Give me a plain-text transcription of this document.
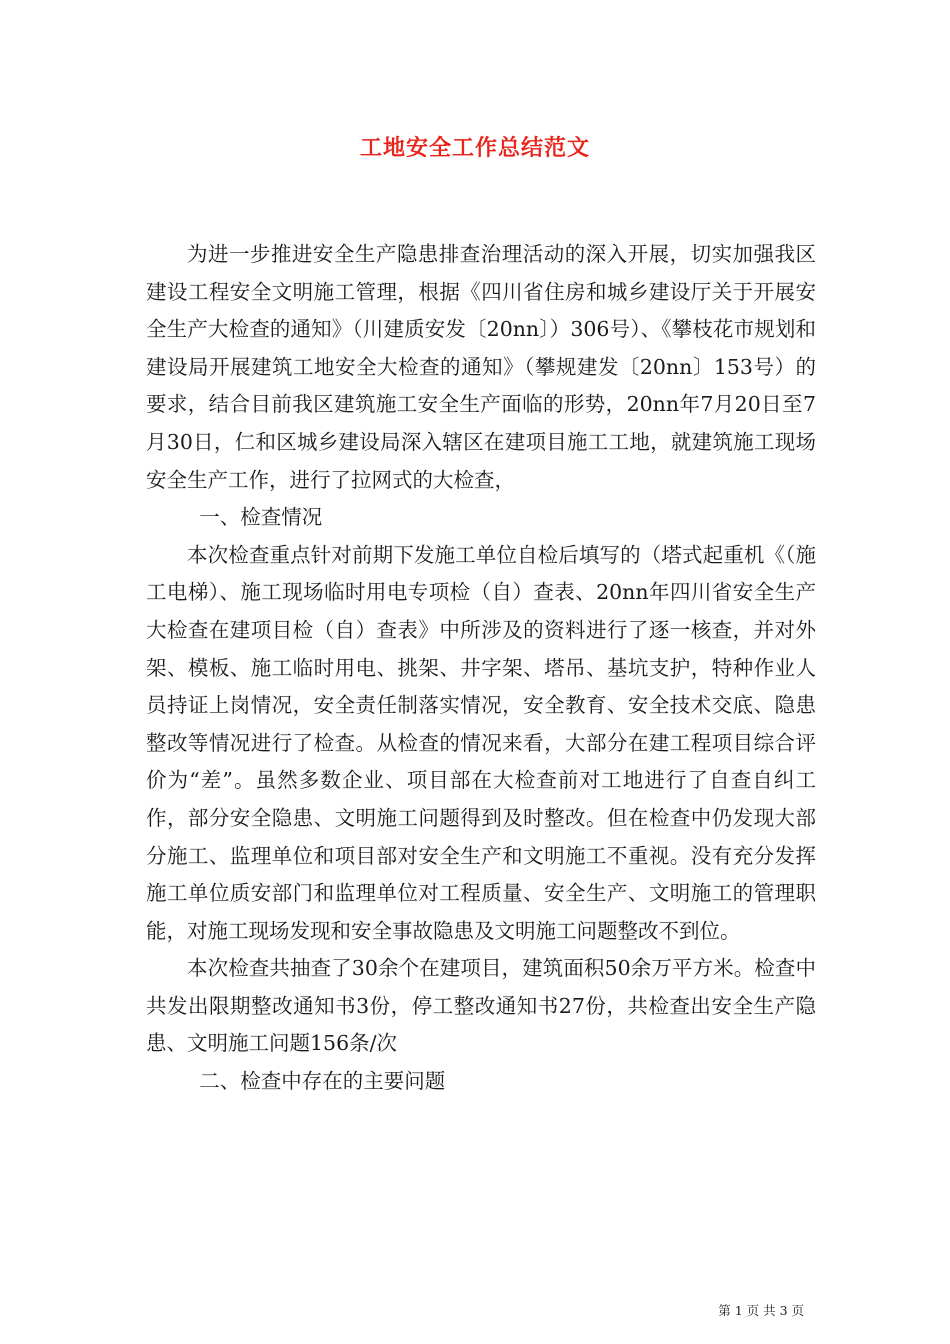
工地安全工作总结范文

为进一步推进安全生产隐患排查治理活动的深入开展，切实加强我区建设工程安全文明施工管理，根据《四川省住房和城乡建设厅关于开展安全生产大检查的通知》（川建质安发〔20nn〕）306号）、《攀枝花市规划和建设局开展建筑工地安全大检查的通知》（攀规建发〔20nn〕153号）的要求，结合目前我区建筑施工安全生产面临的形势，20nn年7月20日至7月30日，仁和区城乡建设局深入辖区在建项目施工工地，就建筑施工现场安全生产工作，进行了拉网式的大检查，

一、检查情况

本次检查重点针对前期下发施工单位自检后填写的（塔式起重机《（施工电梯）、施工现场临时用电专项检（自）查表、20nn年四川省安全生产大检查在建项目检（自）查表》中所涉及的资料进行了逐一核查，并对外架、模板、施工临时用电、挑架、井字架、塔吊、基坑支护，特种作业人员持证上岗情况，安全责任制落实情况，安全教育、安全技术交底、隐患整改等情况进行了检查。从检查的情况来看，大部分在建工程项目综合评价为“差”。虽然多数企业、项目部在大检查前对工地进行了自查自纠工作，部分安全隐患、文明施工问题得到及时整改。但在检查中仍发现大部分施工、监理单位和项目部对安全生产和文明施工不重视。没有充分发挥施工单位质安部门和监理单位对工程质量、安全生产、文明施工的管理职能，对施工现场发现和安全事故隐患及文明施工问题整改不到位。

本次检查共抽查了30余个在建项目，建筑面积50余万平方米。检查中共发出限期整改通知书3份，停工整改通知书27份，共检查出安全生产隐患、文明施工问题156条/次

二、检查中存在的主要问题

第 1 页 共 3 页
